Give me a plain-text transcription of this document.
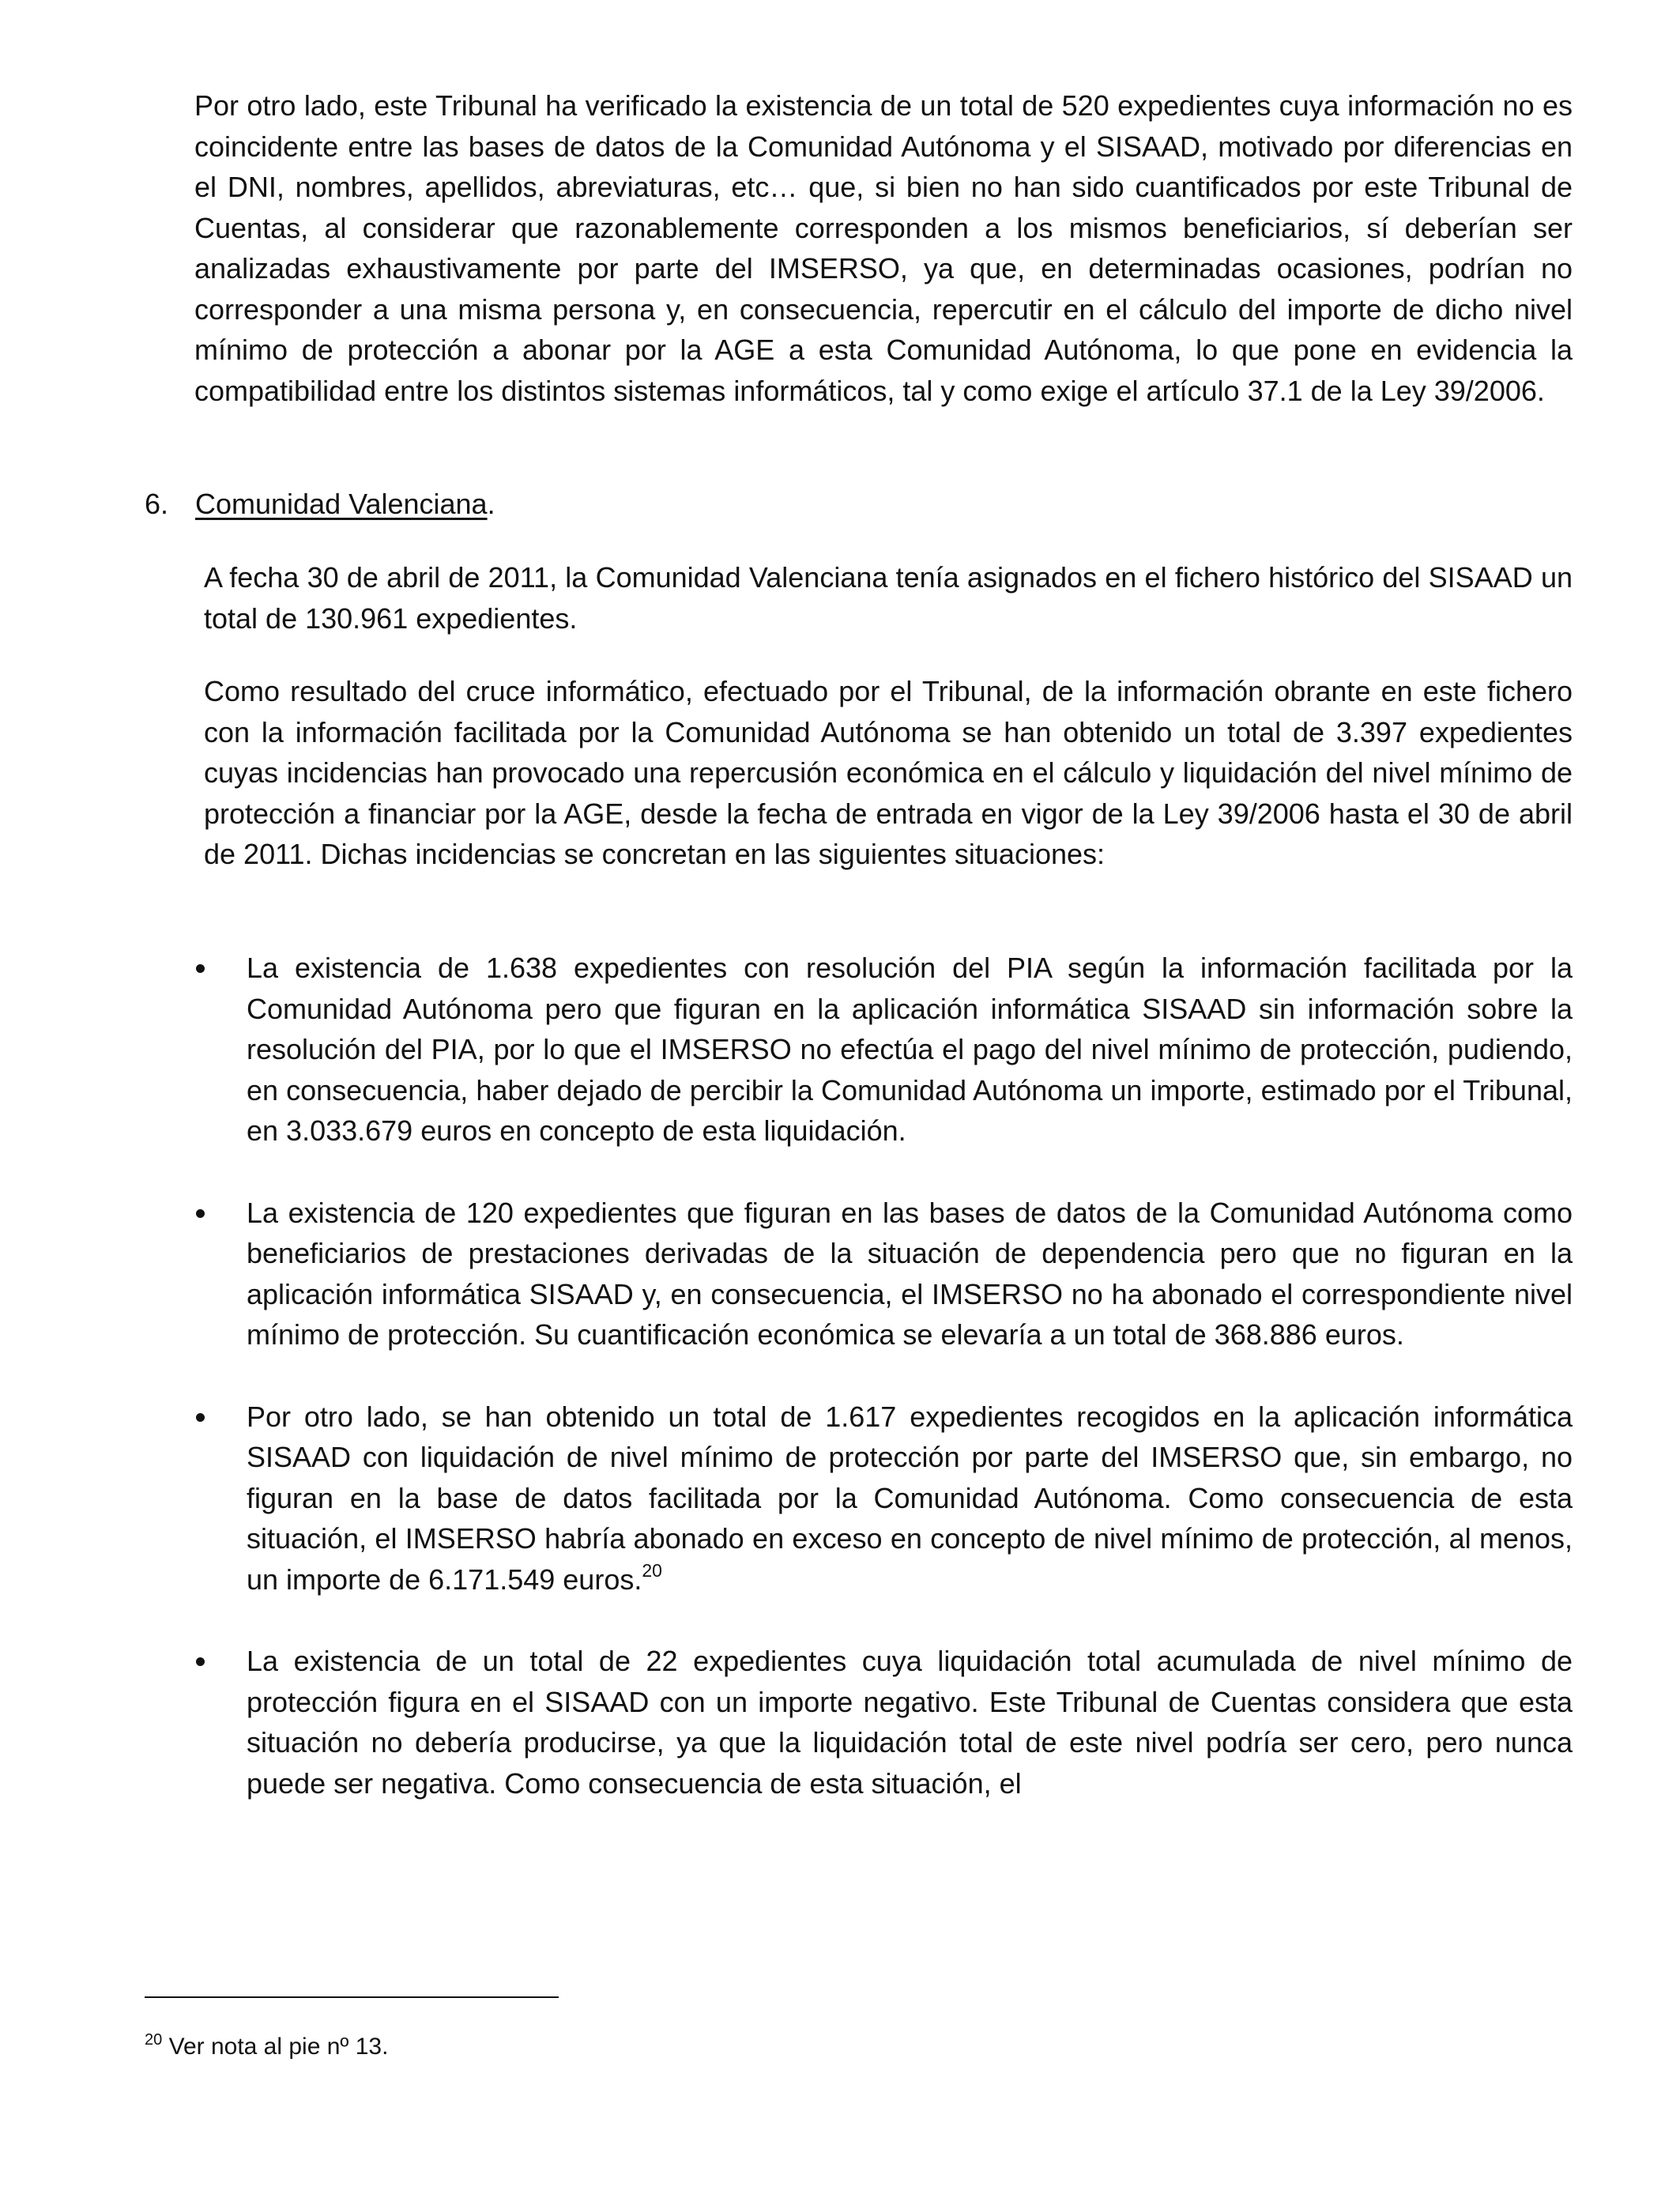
Por otro lado, este Tribunal ha verificado la existencia de un total de 520 expedientes cuya información no es coincidente entre las bases de datos de la Comunidad Autónoma y el SISAAD, motivado por diferencias en el DNI, nombres, apellidos, abreviaturas, etc… que, si bien no han sido cuantificados por este Tribunal de Cuentas, al considerar que razonablemente corresponden a los mismos beneficiarios, sí deberían ser analizadas exhaustivamente por parte del IMSERSO, ya que, en determinadas ocasiones, podrían no corresponder a una misma persona y, en consecuencia, repercutir en el cálculo del importe de dicho nivel mínimo de protección a abonar por la AGE a esta Comunidad Autónoma, lo que pone en evidencia la compatibilidad entre los distintos sistemas informáticos, tal y como exige el artículo 37.1 de la Ley 39/2006.

6. Comunidad Valenciana.

A fecha 30 de abril de 2011, la Comunidad Valenciana tenía asignados en el fichero histórico del SISAAD un total de 130.961 expedientes.

Como resultado del cruce informático, efectuado por el Tribunal, de la información obrante en este fichero con la información facilitada por la Comunidad Autónoma se han obtenido un total de 3.397 expedientes cuyas incidencias han provocado una repercusión económica en el cálculo y liquidación del nivel mínimo de protección a financiar por la AGE, desde la fecha de entrada en vigor de la Ley 39/2006 hasta el 30 de abril de 2011. Dichas incidencias se concretan en las siguientes situaciones:

La existencia de 1.638 expedientes con resolución del PIA según la información facilitada por la Comunidad Autónoma pero que figuran en la aplicación informática SISAAD sin información sobre la resolución del PIA, por lo que el IMSERSO no efectúa el pago del nivel mínimo de protección, pudiendo, en consecuencia, haber dejado de percibir la Comunidad Autónoma un importe, estimado por el Tribunal, en 3.033.679 euros en concepto de esta liquidación.
La existencia de 120 expedientes que figuran en las bases de datos de la Comunidad Autónoma como beneficiarios de prestaciones derivadas de la situación de dependencia pero que no figuran en la aplicación informática SISAAD y, en consecuencia, el IMSERSO no ha abonado el correspondiente nivel mínimo de protección. Su cuantificación económica se elevaría a un total de 368.886 euros.
Por otro lado, se han obtenido un total de 1.617 expedientes recogidos en la aplicación informática SISAAD con liquidación de nivel mínimo de protección por parte del IMSERSO que, sin embargo, no figuran en la base de datos facilitada por la Comunidad Autónoma. Como consecuencia de esta situación, el IMSERSO habría abonado en exceso en concepto de nivel mínimo de protección, al menos, un importe de 6.171.549 euros.$^{20}$
La existencia de un total de 22 expedientes cuya liquidación total acumulada de nivel mínimo de protección figura en el SISAAD con un importe negativo. Este Tribunal de Cuentas considera que esta situación no debería producirse, ya que la liquidación total de este nivel podría ser cero, pero nunca puede ser negativa. Como consecuencia de esta situación, el

$^{20}$ Ver nota al pie nº 13.
